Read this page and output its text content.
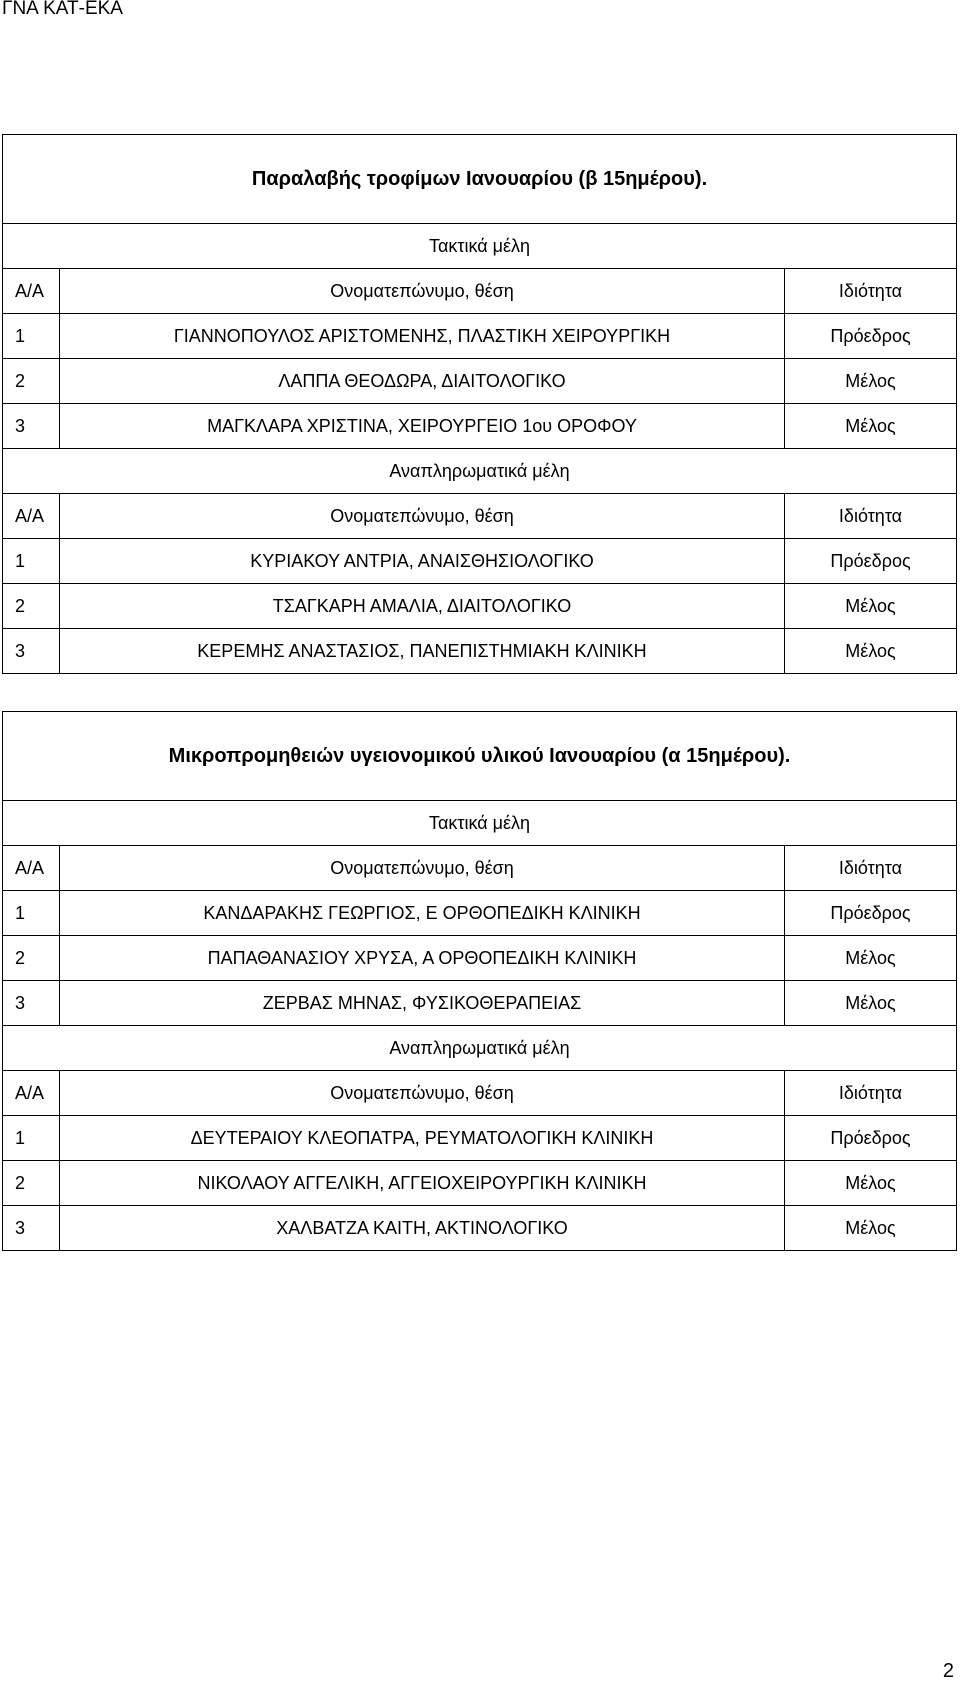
ΓΝΑ ΚΑΤ-ΕΚΑ
Παραλαβής τροφίμων Ιανουαρίου (β 15ημέρου).		
Τακτικά μέλη		
Α/Α	Ονοματεπώνυμο, θέση	Ιδιότητα
1	ΓΙΑΝΝΟΠΟΥΛΟΣ ΑΡΙΣΤΟΜΕΝΗΣ, ΠΛΑΣΤΙΚΗ ΧΕΙΡΟΥΡΓΙΚΗ	Πρόεδρος
2	ΛΑΠΠΑ ΘΕΟΔΩΡΑ, ΔΙΑΙΤΟΛΟΓΙΚΟ	Μέλος
3	ΜΑΓΚΛΑΡΑ ΧΡΙΣΤΙΝΑ, ΧΕΙΡΟΥΡΓΕΙΟ 1ου ΟΡΟΦΟΥ	Μέλος
Αναπληρωματικά μέλη		
Α/Α	Ονοματεπώνυμο, θέση	Ιδιότητα
1	ΚΥΡΙΑΚΟΥ ΑΝΤΡΙΑ, ΑΝΑΙΣΘΗΣΙΟΛΟΓΙΚΟ	Πρόεδρος
2	ΤΣΑΓΚΑΡΗ ΑΜΑΛΙΑ, ΔΙΑΙΤΟΛΟΓΙΚΟ	Μέλος
3	ΚΕΡΕΜΗΣ ΑΝΑΣΤΑΣΙΟΣ, ΠΑΝΕΠΙΣΤΗΜΙΑΚΗ ΚΛΙΝΙΚΗ	Μέλος
Μικροπρομηθειών υγειονομικού υλικού Ιανουαρίου (α 15ημέρου).		
Τακτικά μέλη		
Α/Α	Ονοματεπώνυμο, θέση	Ιδιότητα
1	ΚΑΝΔΑΡΑΚΗΣ ΓΕΩΡΓΙΟΣ, Ε ΟΡΘΟΠΕΔΙΚΗ ΚΛΙΝΙΚΗ	Πρόεδρος
2	ΠΑΠΑΘΑΝΑΣΙΟΥ ΧΡΥΣΑ, Α ΟΡΘΟΠΕΔΙΚΗ ΚΛΙΝΙΚΗ	Μέλος
3	ΖΕΡΒΑΣ ΜΗΝΑΣ, ΦΥΣΙΚΟΘΕΡΑΠΕΙΑΣ	Μέλος
Αναπληρωματικά μέλη		
Α/Α	Ονοματεπώνυμο, θέση	Ιδιότητα
1	ΔΕΥΤΕΡΑΙΟΥ ΚΛΕΟΠΑΤΡΑ, ΡΕΥΜΑΤΟΛΟΓΙΚΗ ΚΛΙΝΙΚΗ	Πρόεδρος
2	ΝΙΚΟΛΑΟΥ ΑΓΓΕΛΙΚΗ, ΑΓΓΕΙΟΧΕΙΡΟΥΡΓΙΚΗ ΚΛΙΝΙΚΗ	Μέλος
3	ΧΑΛΒΑΤΖΑ ΚΑΙΤΗ, ΑΚΤΙΝΟΛΟΓΙΚΟ	Μέλος
2
